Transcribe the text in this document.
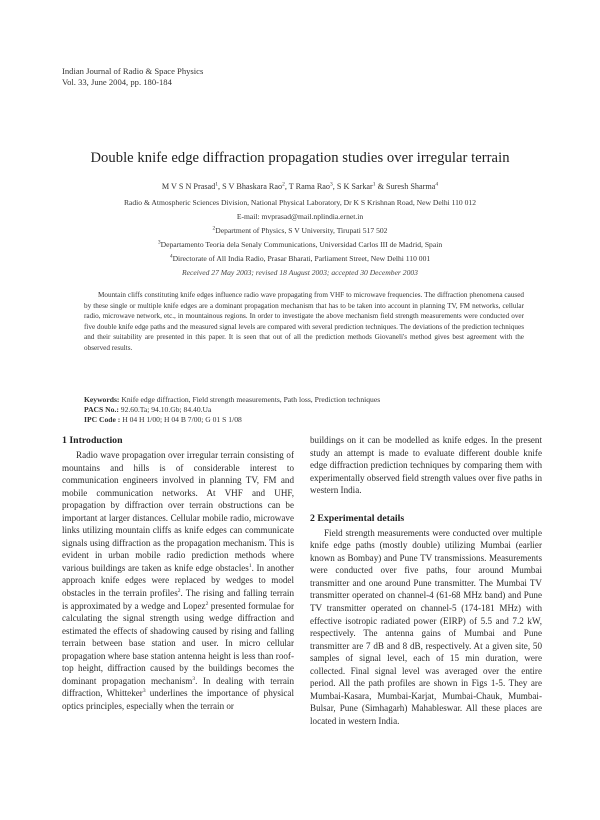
Indian Journal of Radio & Space Physics
Vol. 33, June 2004, pp. 180-184
Double knife edge diffraction propagation studies over irregular terrain
M V S N Prasad$^1$, S V Bhaskara Rao$^2$, T Rama Rao$^3$, S K Sarkar$^1$ & Suresh Sharma$^4$
Radio & Atmospheric Sciences Division, National Physical Laboratory, Dr K S Krishnan Road, New Delhi 110 012
E-mail: mvprasad@mail.nplindia.ernet.in
$^2$Department of Physics, S V University, Tirupati 517 502
$^3$Departamento Teoria dela Senaly Communications, Universidad Carlos III de Madrid, Spain
$^4$Directorate of All India Radio, Prasar Bharati, Parliament Street, New Delhi 110 001
Received 27 May 2003; revised 18 August 2003; accepted 30 December 2003

Mountain cliffs constituting knife edges influence radio wave propagating from VHF to microwave frequencies. The diffraction phenomena caused by these single or multiple knife edges are a dominant propagation mechanism that has to be taken into account in planning TV, FM networks, cellular radio, microwave network, etc., in mountainous regions. In order to investigate the above mechanism field strength measurements were conducted over five double knife edge paths and the measured signal levels are compared with several prediction techniques. The deviations of the prediction techniques and their suitability are presented in this paper. It is seen that out of all the prediction methods Giovaneli's method gives best agreement with the observed results.

Keywords: Knife edge diffraction, Field strength measurements, Path loss, Prediction techniques
PACS No.: 92.60.Ta; 94.10.Gb; 84.40.Ua
IPC Code : H 04 H 1/00; H 04 B 7/00; G 01 S 1/08
1 Introduction

Radio wave propagation over irregular terrain consisting of mountains and hills is of considerable interest to communication engineers involved in planning TV, FM and mobile communication networks. At VHF and UHF, propagation by diffraction over terrain obstructions can be important at larger distances. Cellular mobile radio, microwave links utilizing mountain cliffs as knife edges can communicate signals using diffraction as the propagation mechanism. This is evident in urban mobile radio prediction methods where various buildings are taken as knife edge obstacles$^1$. In another approach knife edges were replaced by wedges to model obstacles in the terrain profiles$^2$. The rising and falling terrain is approximated by a wedge and Lopez$^2$ presented formulae for calculating the signal strength using wedge diffraction and estimated the effects of shadowing caused by rising and falling terrain between base station and user. In micro cellular propagation where base station antenna height is less than roof-top height, diffraction caused by the buildings becomes the dominant propagation mechanism$^3$. In dealing with terrain diffraction, Whitteker$^3$ underlines the importance of physical optics principles, especially when the terrain or

buildings on it can be modelled as knife edges. In the present study an attempt is made to evaluate different double knife edge diffraction prediction techniques by comparing them with experimentally observed field strength values over five paths in western India.

2 Experimental details

Field strength measurements were conducted over multiple knife edge paths (mostly double) utilizing Mumbai (earlier known as Bombay) and Pune TV transmissions. Measurements were conducted over five paths, four around Mumbai transmitter and one around Pune transmitter. The Mumbai TV transmitter operated on channel-4 (61-68 MHz band) and Pune TV transmitter operated on channel-5 (174-181 MHz) with effective isotropic radiated power (EIRP) of 5.5 and 7.2 kW, respectively. The antenna gains of Mumbai and Pune transmitter are 7 dB and 8 dB, respectively. At a given site, 50 samples of signal level, each of 15 min duration, were collected. Final signal level was averaged over the entire period. All the path profiles are shown in Figs 1-5. They are Mumbai-Kasara, Mumbai-Karjat, Mumbai-Chauk, Mumbai-Bulsar, Pune (Simhagarh) Mahableswar. All these places are located in western India.
